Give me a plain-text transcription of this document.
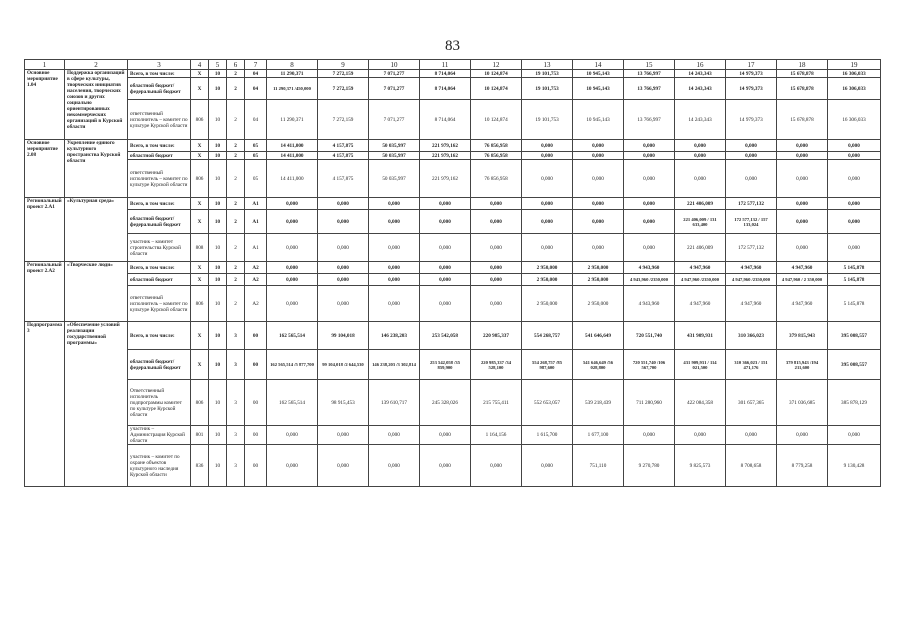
83
1	2	3	4	5	6	7	8	9	10	11	12	13	14	15	16	17	18	19
Основное мероприятие 1.04	Поддержка организаций в сфере культуры, творческих инициатив населения, творческих союзов и других социально ориентированных некоммерческих организаций в Курской области	Всего, в том числе:	X	10	2	04	11 290,371	7 272,159	7 071,277	8 714,064	10 124,874	19 101,753	10 945,143	13 766,997	14 243,343	14 979,373	15 678,878	16 306,033
		областной бюджет/ федеральный бюджет	X	10	2	04	11 290,371 /450,000	7 272,159	7 071,277	8 714,064	10 124,874	19 101,753	10 945,143	13 766,997	14 243,343	14 979,373	15 678,878	16 306,033
		ответственный исполнитель – комитет по культуре Курской области	806	10	2	04	11 290,371	7 272,159	7 071,277	8 714,064	10 124,874	19 101,753	10 945,143	13 766,997	14 243,343	14 979,373	15 678,878	16 306,033
Основное мероприятие 2.08	Укрепление единого культурного пространства Курской области	Всего, в том числе:	X	10	2	05	14 411,000	4 157,875	50 035,997	221 979,162	76 856,958	0,000	0,000	0,000	0,000	0,000	0,000	0,000
		областной бюджет	X	10	2	05	14 411,000	4 157,875	50 035,997	221 979,162	76 856,958	0,000	0,000	0,000	0,000	0,000	0,000	0,000
		ответственный исполнитель – комитет по культуре Курской области	806	10	2	05	14 411,000	4 157,875	50 035,997	221 979,162	76 856,958	0,000	0,000	0,000	0,000	0,000	0,000	0,000
Региональный проект 2.А1	«Культурная среда»	Всего, в том числе:	X	10	2	А1	0,000	0,000	0,000	0,000	0,000	0,000	0,000	0,000	221 406,009	172 577,132	0,000	0,000
		областной бюджет/ федеральный бюджет	X	10	2	А1	0,000	0,000	0,000	0,000	0,000	0,000	0,000	0,000	221 406,009 / 131 633,400	172 577,132 / 157 133,024	0,000	0,000
		участник – комитет строительства Курской области	808	10	2	А1	0,000	0,000	0,000	0,000	0,000	0,000	0,000	0,000	221 406,009	172 577,132	0,000	0,000
Региональный проект 2.А2	«Творческие люди»	Всего, в том числе:	X	10	2	А2	0,000	0,000	0,000	0,000	0,000	2 950,000	2 950,000	4 943,960	4 947,960	4 947,960	4 947,960	5 145,878
		областной бюджет	X	10	2	А2	0,000	0,000	0,000	0,000	0,000	2 950,000	2 950,000	4 943,960 /2350,000	4 947,960 /2350,000	4 947,960 /2350,000	4 947,960 / 2 350,000	5 145,878
		ответственный исполнитель – комитет по культуре Курской области	806	10	2	А2	0,000	0,000	0,000	0,000	0,000	2 950,000	2 950,000	4 943,960	4 947,960	4 947,960	4 947,960	5 145,878
Подпрограмма 3	«Обеспечение условий реализации государственной программы»	Всего, в том числе:	X	10	3	00	162 565,514	99 104,018	146 238,203	253 542,058	220 985,337	554 268,757	541 646,649	720 551,740	431 909,931	310 366,023	379 815,943	395 008,557
		областной бюджет/ федеральный бюджет	X	10	3	00	162 565,514 /5 877,700	99 104,018 /2 644,530	146 238,203 /3 302,814	253 542,058 /35 859,900	220 985,337 /34 528,100	554 268,757 /85 987,600	541 646,649 /56 028,800	720 551,740 /106 567,700	431 909,931 / 114 021,500	310 366,023 / 151 471,176	379 815,943 /194 211,600	395 008,557
		Ответственный исполнитель подпрограммы комитет по культуре Курской области	806	10	3	00	162 565,514	98 915,453	139 610,717	245 328,026	215 755,411	552 653,057	539 218,439	711 280,960	422 084,358	301 657,365	371 036,685	385 878,129
		участник – Администрация Курской области	801	10	3	00	0,000	0,000	0,000	0,000	1 164,156	1 615,700	1 677,100	0,000	0,000	0,000	0,000	0,000
		участник – комитет по охране объектов культурного наследия Курской области	836	10	3	00	0,000	0,000	0,000	0,000	0,000	0,000	751,110	9 270,780	9 825,573	8 708,658	8 779,258	9 130,428
